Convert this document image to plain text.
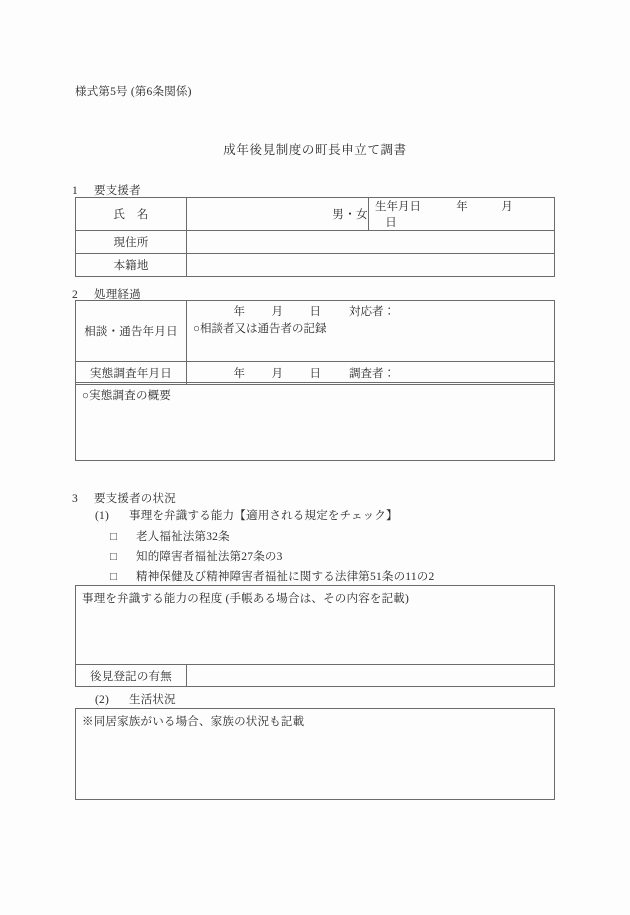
様式第5号 (第6条関係)
成年後見制度の町長申立て調書
1 要支援者
氏　名	男・女	生年月日 年 月日
現住所		
本籍地		
2 処理経過
相談・通告年月日	年 月 日 対応者：
○相談者又は通告者の記録

実態調査年月日	年 月 日 調査者：
○実態調査の概要
3 要支援者の状況
(1) 事理を弁識する能力【適用される規定をチェック】
□ 老人福祉法第32条
□ 知的障害者福祉法第27条の3
□ 精神保健及び精神障害者福祉に関する法律第51条の11の2
事理を弁識する能力の程度 (手帳ある場合は、その内容を記載)
後見登記の有無	
(2) 生活状況
※同居家族がいる場合、家族の状況も記載
